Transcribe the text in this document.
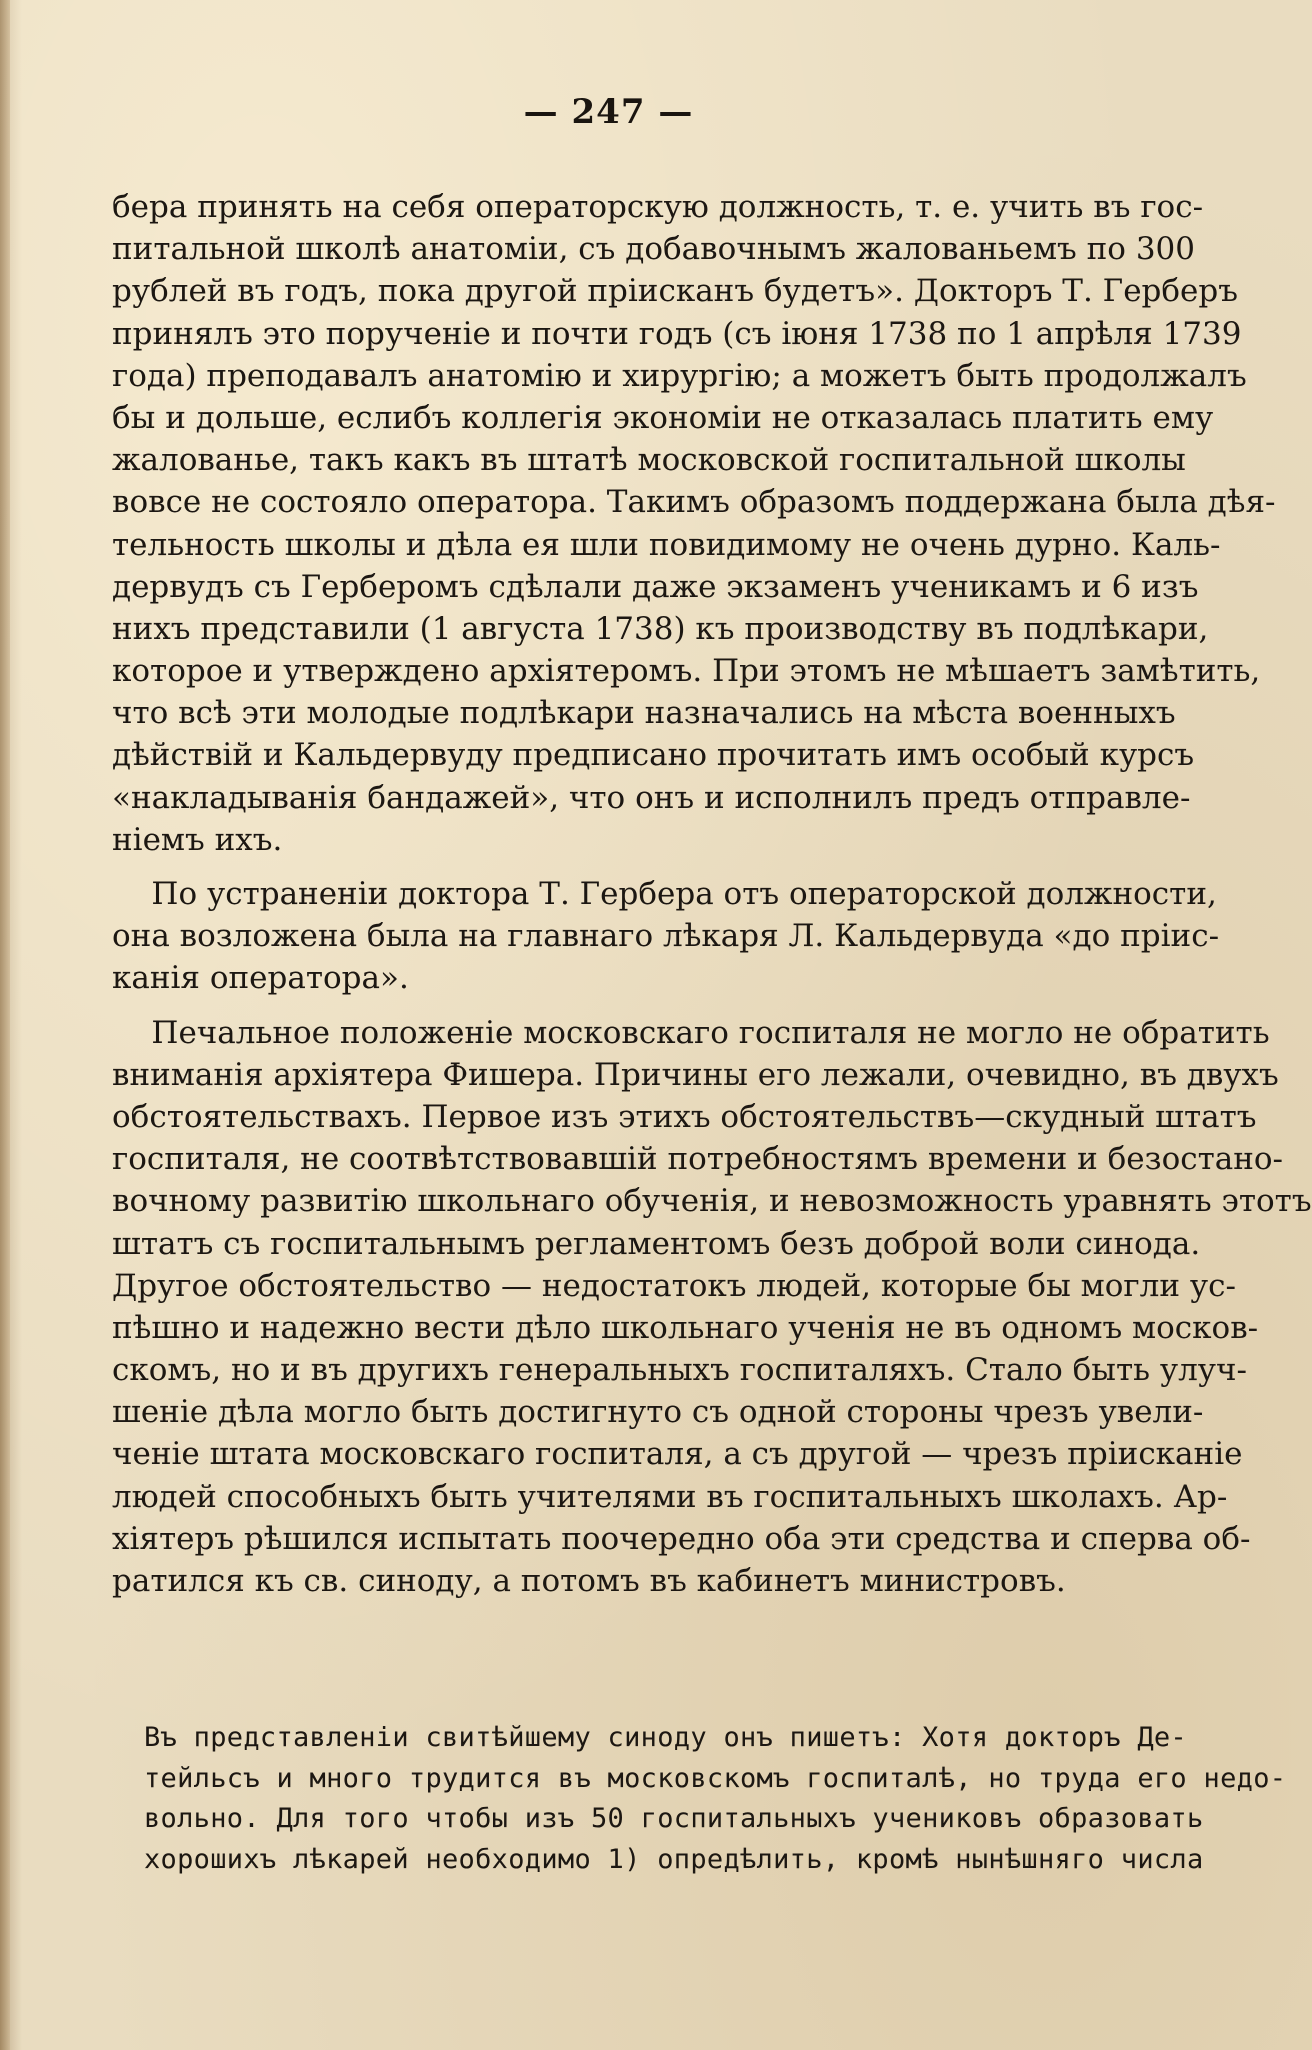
— 247 —
бера принять на себя операторскую должность, т. е. учить въ гос-
питальной школѣ анатоміи, съ добавочнымъ жалованьемъ по 300
рублей въ годъ, пока другой пріисканъ будетъ». Докторъ Т. Герберъ
принялъ это порученіе и почти годъ (съ іюня 1738 по 1 апрѣля 1739
года) преподавалъ анатомію и хирургію; а можетъ быть продолжалъ
бы и дольше, еслибъ коллегія экономіи не отказалась платить ему
жалованье, такъ какъ въ штатѣ московской госпитальной школы
вовсе не состояло оператора. Такимъ образомъ поддержана была дѣя-
тельность школы и дѣла ея шли повидимому не очень дурно. Каль-
дервудъ съ Герберомъ сдѣлали даже экзаменъ ученикамъ и 6 изъ
нихъ представили (1 августа 1738) къ производству въ подлѣкари,
которое и утверждено архіятеромъ. При этомъ не мѣшаетъ замѣтить,
что всѣ эти молодые подлѣкари назначались на мѣста военныхъ
дѣйствій и Кальдервуду предписано прочитать имъ особый курсъ
«накладыванія бандажей», что онъ и исполнилъ предъ отправле-
ніемъ ихъ.
По устраненіи доктора Т. Гербера отъ операторской должности,
она возложена была на главнаго лѣкаря Л. Кальдервуда «до пріис-
канія оператора».
Печальное положеніе московскаго госпиталя не могло не обратить
вниманія архіятера Фишера. Причины его лежали, очевидно, въ двухъ
обстоятельствахъ. Первое изъ этихъ обстоятельствъ—скудный штатъ
госпиталя, не соотвѣтствовавшій потребностямъ времени и безостано-
вочному развитію школьнаго обученія, и невозможность уравнять этотъ
штатъ съ госпитальнымъ регламентомъ безъ доброй воли синода.
Другое обстоятельство — недостатокъ людей, которые бы могли ус-
пѣшно и надежно вести дѣло школьнаго ученія не въ одномъ москов-
скомъ, но и въ другихъ генеральныхъ госпиталяхъ. Стало быть улуч-
шеніе дѣла могло быть достигнуто съ одной стороны чрезъ увели-
ченіе штата московскаго госпиталя, а съ другой — чрезъ пріисканіе
людей способныхъ быть учителями въ госпитальныхъ школахъ. Ар-
хіятеръ рѣшился испытать поочередно оба эти средства и сперва об-
ратился къ св. синоду, а потомъ въ кабинетъ министровъ.
Въ представленіи свитѣйшему синоду онъ пишетъ: Хотя докторъ Де-
тейльсъ и много трудится въ московскомъ госпиталѣ, но труда его недо-
вольно. Для того чтобы изъ 50 госпитальныхъ учениковъ образовать
хорошихъ лѣкарей необходимо 1) опредѣлить, кромѣ нынѣшняго числа
